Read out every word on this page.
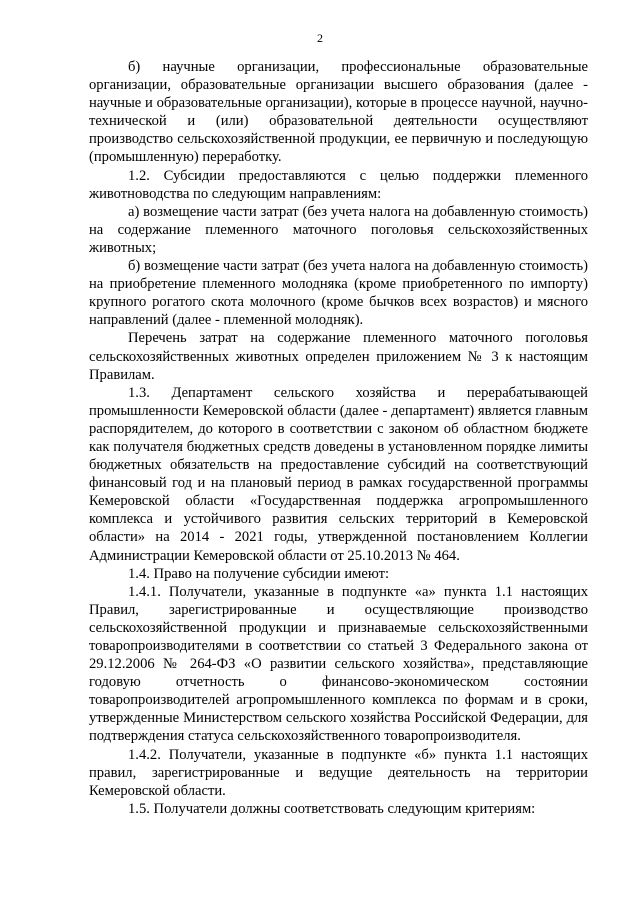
2

б) научные организации, профессиональные образовательные организации, образовательные организации высшего образования (далее - научные и образовательные организации), которые в процессе научной, научно-технической и (или) образовательной деятельности осуществляют производство сельскохозяйственной продукции, ее первичную и последующую (промышленную) переработку.

1.2. Субсидии предоставляются с целью поддержки племенного животноводства по следующим направлениям:

а) возмещение части затрат (без учета налога на добавленную стоимость) на содержание племенного маточного поголовья сельскохозяйственных животных;

б) возмещение части затрат (без учета налога на добавленную стоимость) на приобретение племенного молодняка (кроме приобретенного по импорту) крупного рогатого скота молочного (кроме бычков всех возрастов) и мясного направлений (далее - племенной молодняк).

Перечень затрат на содержание племенного маточного поголовья сельскохозяйственных животных определен приложением № 3 к настоящим Правилам.

1.3. Департамент сельского хозяйства и перерабатывающей промышленности Кемеровской области (далее - департамент) является главным распорядителем, до которого в соответствии с законом об областном бюджете как получателя бюджетных средств доведены в установленном порядке лимиты бюджетных обязательств на предоставление субсидий на соответствующий финансовый год и на плановый период в рамках государственной программы Кемеровской области «Государственная поддержка агропромышленного комплекса и устойчивого развития сельских территорий в Кемеровской области» на 2014 - 2021 годы, утвержденной постановлением Коллегии Администрации Кемеровской области от 25.10.2013 № 464.

1.4. Право на получение субсидии имеют:

1.4.1. Получатели, указанные в подпункте «а» пункта 1.1 настоящих Правил, зарегистрированные и осуществляющие производство сельскохозяйственной продукции и признаваемые сельскохозяйственными товаропроизводителями в соответствии со статьей 3 Федерального закона от 29.12.2006 № 264-ФЗ «О развитии сельского хозяйства», представляющие годовую отчетность о финансово-экономическом состоянии товаропроизводителей агропромышленного комплекса по формам и в сроки, утвержденные Министерством сельского хозяйства Российской Федерации, для подтверждения статуса сельскохозяйственного товаропроизводителя.

1.4.2. Получатели, указанные в подпункте «б» пункта 1.1 настоящих правил, зарегистрированные и ведущие деятельность на территории Кемеровской области.

1.5. Получатели должны соответствовать следующим критериям:
